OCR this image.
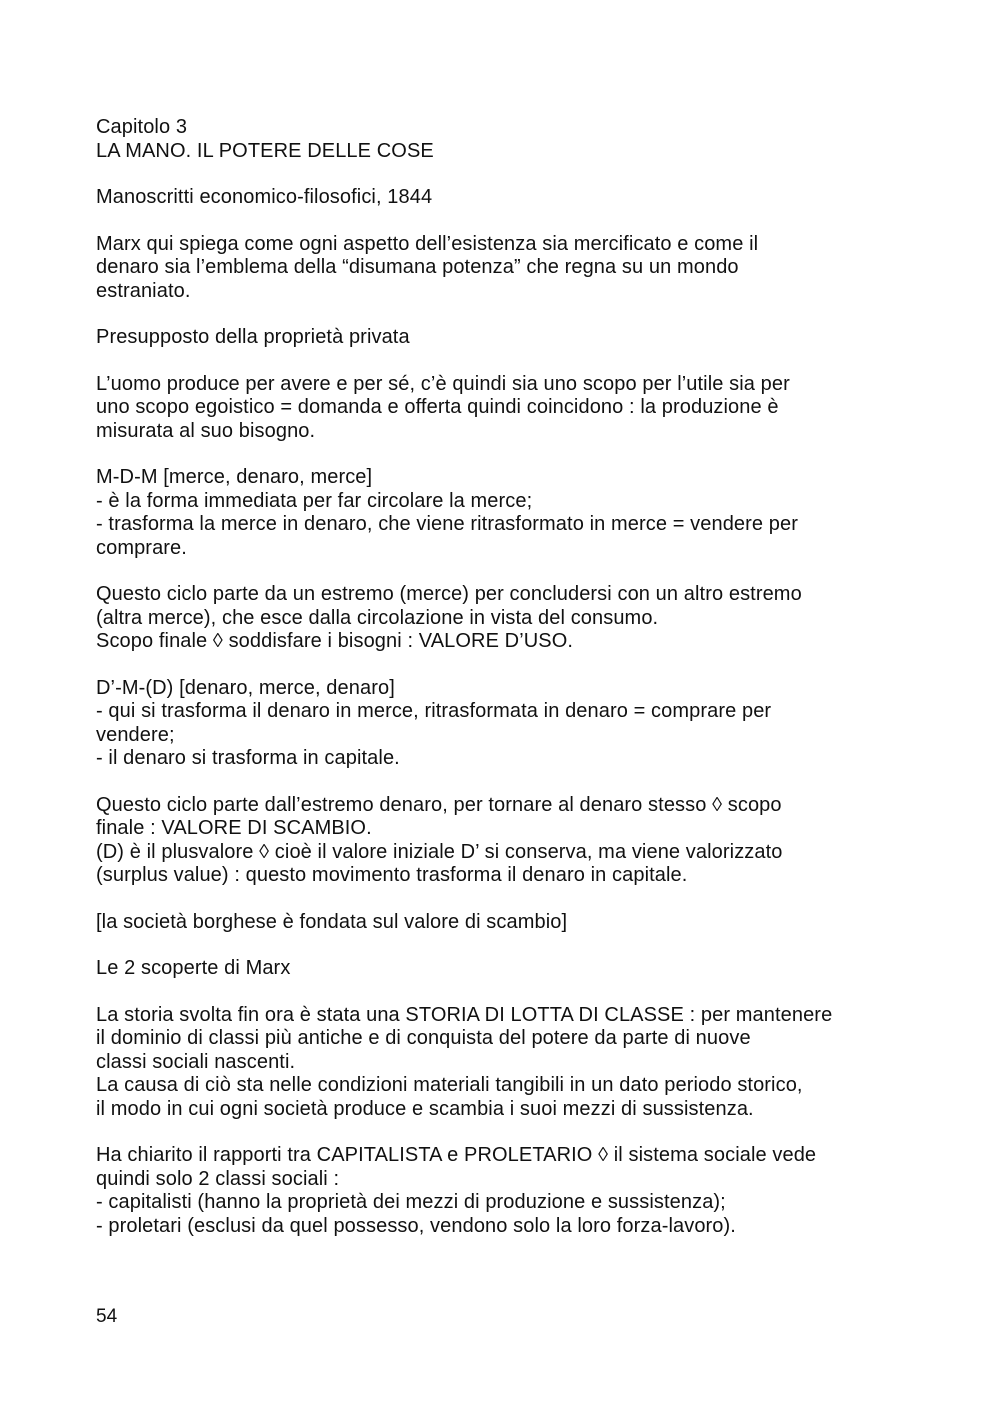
Capitolo 3
LA MANO. IL POTERE DELLE COSE
Manoscritti economico-filosofici, 1844
Marx qui spiega come ogni aspetto dell’esistenza sia mercificato e come il
denaro sia l’emblema della “disumana potenza” che regna su un mondo
estraniato.
Presupposto della proprietà privata
L’uomo produce per avere e per sé, c’è quindi sia uno scopo per l’utile sia per
uno scopo egoistico = domanda e offerta quindi coincidono : la produzione è
misurata al suo bisogno.
M-D-M [merce, denaro, merce]
- è la forma immediata per far circolare la merce;
- trasforma la merce in denaro, che viene ritrasformato in merce = vendere per
comprare.
Questo ciclo parte da un estremo (merce) per concludersi con un altro estremo
(altra merce), che esce dalla circolazione in vista del consumo.
Scopo finale ◊ soddisfare i bisogni : VALORE D’USO.
D’-M-(D) [denaro, merce, denaro]
- qui si trasforma il denaro in merce, ritrasformata in denaro = comprare per
vendere;
- il denaro si trasforma in capitale.
Questo ciclo parte dall’estremo denaro, per tornare al denaro stesso ◊ scopo
finale : VALORE DI SCAMBIO.
(D) è il plusvalore ◊ cioè il valore iniziale D’ si conserva, ma viene valorizzato
(surplus value) : questo movimento trasforma il denaro in capitale.
[la società borghese è fondata sul valore di scambio]
Le 2 scoperte di Marx
La storia svolta fin ora è stata una STORIA DI LOTTA DI CLASSE : per mantenere
il dominio di classi più antiche e di conquista del potere da parte di nuove
classi sociali nascenti.
La causa di ciò sta nelle condizioni materiali tangibili in un dato periodo storico,
il modo in cui ogni società produce e scambia i suoi mezzi di sussistenza.
Ha chiarito il rapporti tra CAPITALISTA e PROLETARIO ◊ il sistema sociale vede
quindi solo 2 classi sociali :
- capitalisti (hanno la proprietà dei mezzi di produzione e sussistenza);
- proletari (esclusi da quel possesso, vendono solo la loro forza-lavoro).
54
